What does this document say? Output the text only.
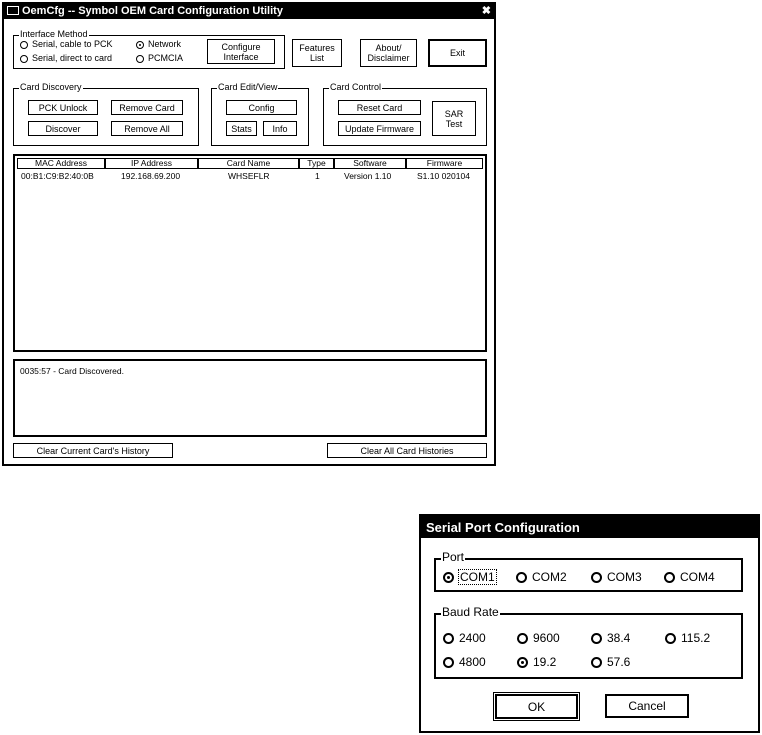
OemCfg -- Symbol OEM Card Configuration Utility	✖
Interface Method
Serial, cable to PCK
Serial, direct to card
Network
PCMCIA
Configure
Interface
Features
List
About/
Disclaimer	Exit
Card Discovery
PCK Unlock	Remove Card
Discover	Remove All
Card Edit/View
Config
Stats	Info
Card Control
Reset Card
Update Firmware
SAR
Test
MAC Address	IP Address	Card Name	Type	Software	Firmware
00:B1:C9:B2:40:0B	192.168.69.200	WHSEFLR	1	Version 1.10	S1.10 020104
0035:57 - Card Discovered.
Clear Current Card's History	Clear All Card Histories
Serial Port Configuration
Port
COM1	COM2	COM3	COM4
Baud Rate
2400	9600	38.4	115.2
4800	19.2	57.6
OK	Cancel
